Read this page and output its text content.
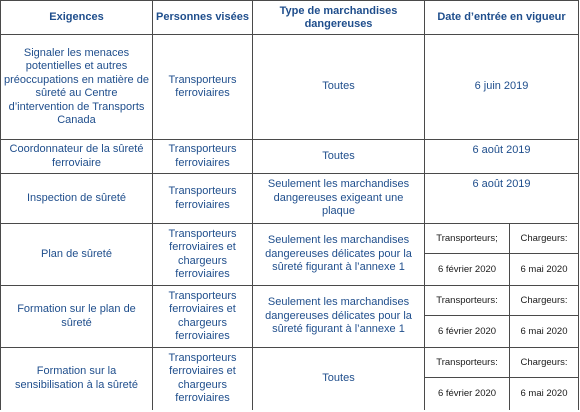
Exigences	Personnes visées	Type de marchandises dangereuses	Date d’entrée en vigueur	
Signaler les menaces potentielles et autres préoccupations en matière de sûreté au Centre d’intervention de Transports Canada	Transporteurs ferroviaires	Toutes	6 juin 2019	
Coordonnateur de la sûreté ferroviaire	Transporteurs ferroviaires	Toutes	6 août 2019	
Inspection de sûreté	Transporteurs ferroviaires	Seulement les marchandises dangereuses exigeant une plaque	6 août 2019	
Plan de sûreté	Transporteurs ferroviaires et chargeurs ferroviaires	Seulement les marchandises dangereuses délicates pour la sûreté figurant à l’annexe 1	Transporteurs;	Chargeurs:
			6 février 2020	6 mai 2020
Formation sur le plan de sûreté	Transporteurs ferroviaires et chargeurs ferroviaires	Seulement les marchandises dangereuses délicates pour la sûreté figurant à l’annexe 1	Transporteurs:	Chargeurs:
			6 février 2020	6 mai 2020
Formation sur la sensibilisation à la sûreté	Transporteurs ferroviaires et chargeurs ferroviaires	Toutes	Transporteurs:	Chargeurs:
			6 février 2020	6 mai 2020
